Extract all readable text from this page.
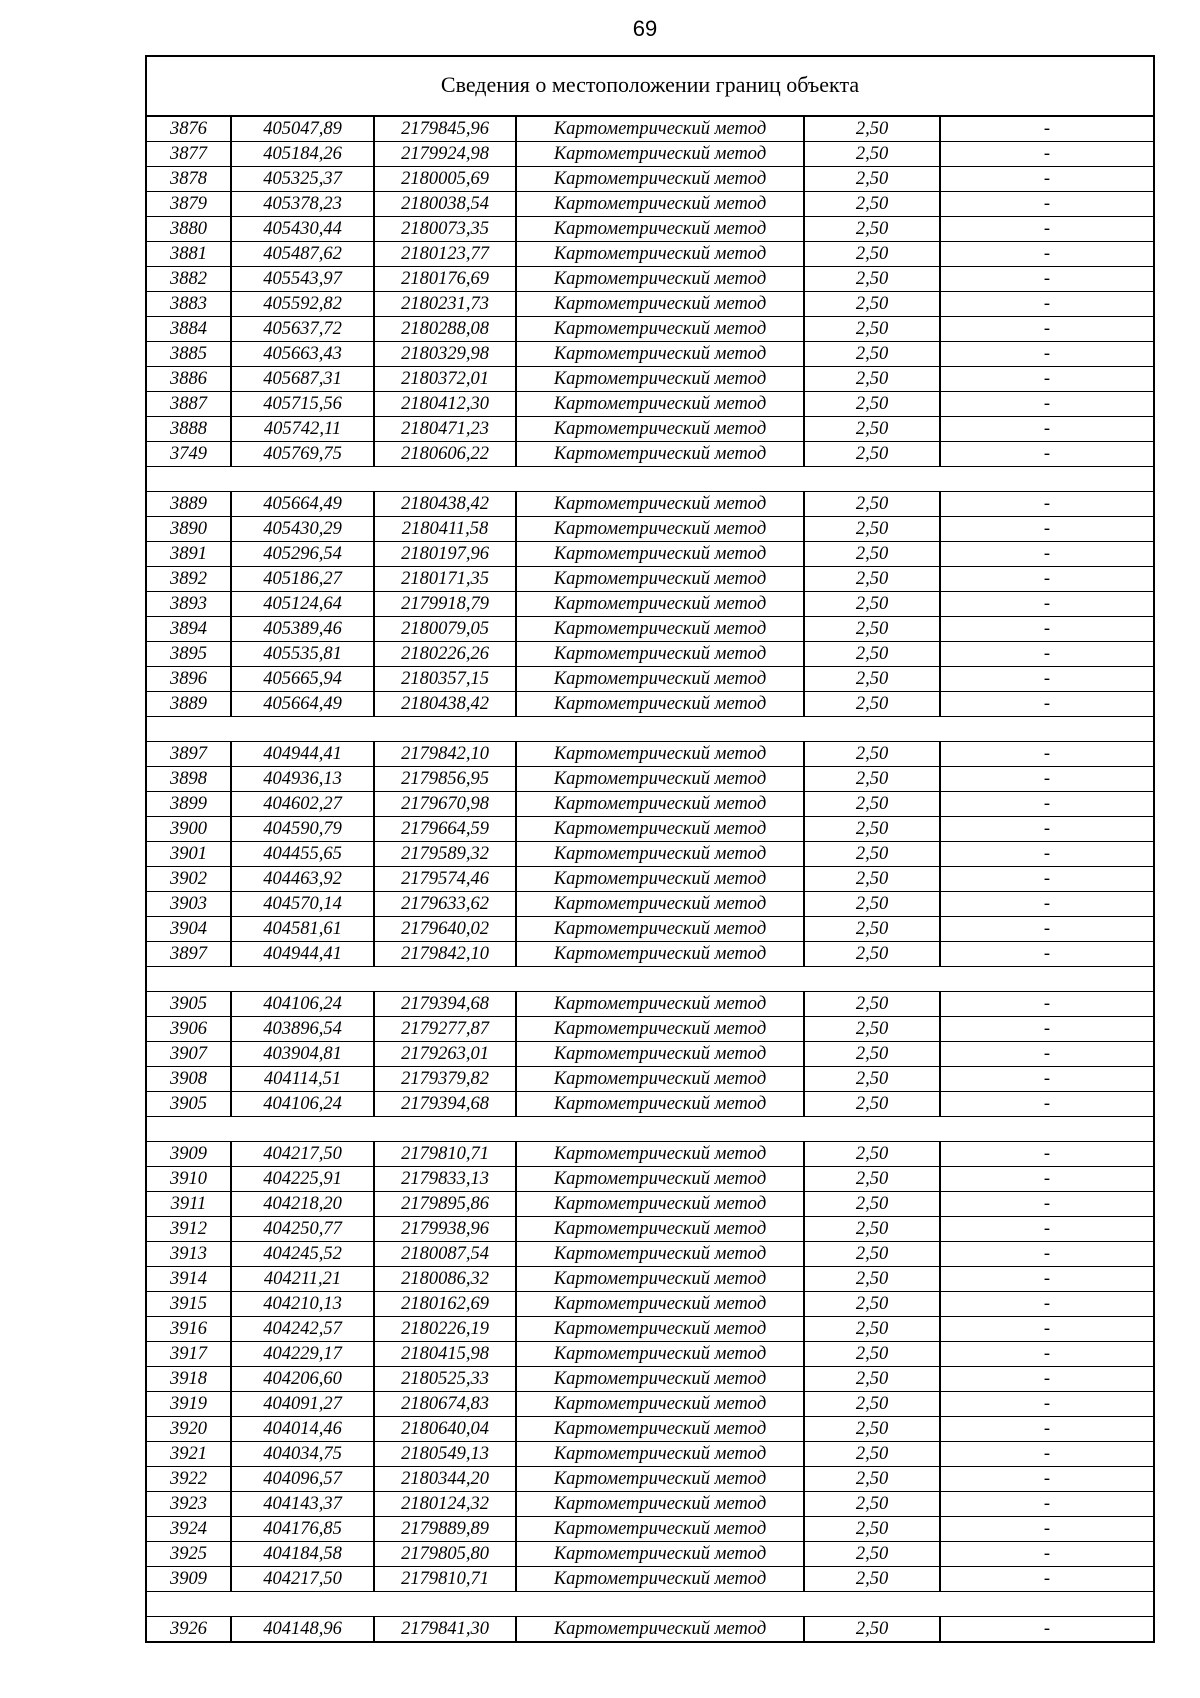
69
Сведения о местоположении границ объекта
3876	405047,89	2179845,96	Картометрический метод	2,50	-
3877	405184,26	2179924,98	Картометрический метод	2,50	-
3878	405325,37	2180005,69	Картометрический метод	2,50	-
3879	405378,23	2180038,54	Картометрический метод	2,50	-
3880	405430,44	2180073,35	Картометрический метод	2,50	-
3881	405487,62	2180123,77	Картометрический метод	2,50	-
3882	405543,97	2180176,69	Картометрический метод	2,50	-
3883	405592,82	2180231,73	Картометрический метод	2,50	-
3884	405637,72	2180288,08	Картометрический метод	2,50	-
3885	405663,43	2180329,98	Картометрический метод	2,50	-
3886	405687,31	2180372,01	Картометрический метод	2,50	-
3887	405715,56	2180412,30	Картометрический метод	2,50	-
3888	405742,11	2180471,23	Картометрический метод	2,50	-
3749	405769,75	2180606,22	Картометрический метод	2,50	-

3889	405664,49	2180438,42	Картометрический метод	2,50	-
3890	405430,29	2180411,58	Картометрический метод	2,50	-
3891	405296,54	2180197,96	Картометрический метод	2,50	-
3892	405186,27	2180171,35	Картометрический метод	2,50	-
3893	405124,64	2179918,79	Картометрический метод	2,50	-
3894	405389,46	2180079,05	Картометрический метод	2,50	-
3895	405535,81	2180226,26	Картометрический метод	2,50	-
3896	405665,94	2180357,15	Картометрический метод	2,50	-
3889	405664,49	2180438,42	Картометрический метод	2,50	-

3897	404944,41	2179842,10	Картометрический метод	2,50	-
3898	404936,13	2179856,95	Картометрический метод	2,50	-
3899	404602,27	2179670,98	Картометрический метод	2,50	-
3900	404590,79	2179664,59	Картометрический метод	2,50	-
3901	404455,65	2179589,32	Картометрический метод	2,50	-
3902	404463,92	2179574,46	Картометрический метод	2,50	-
3903	404570,14	2179633,62	Картометрический метод	2,50	-
3904	404581,61	2179640,02	Картометрический метод	2,50	-
3897	404944,41	2179842,10	Картометрический метод	2,50	-

3905	404106,24	2179394,68	Картометрический метод	2,50	-
3906	403896,54	2179277,87	Картометрический метод	2,50	-
3907	403904,81	2179263,01	Картометрический метод	2,50	-
3908	404114,51	2179379,82	Картометрический метод	2,50	-
3905	404106,24	2179394,68	Картометрический метод	2,50	-

3909	404217,50	2179810,71	Картометрический метод	2,50	-
3910	404225,91	2179833,13	Картометрический метод	2,50	-
3911	404218,20	2179895,86	Картометрический метод	2,50	-
3912	404250,77	2179938,96	Картометрический метод	2,50	-
3913	404245,52	2180087,54	Картометрический метод	2,50	-
3914	404211,21	2180086,32	Картометрический метод	2,50	-
3915	404210,13	2180162,69	Картометрический метод	2,50	-
3916	404242,57	2180226,19	Картометрический метод	2,50	-
3917	404229,17	2180415,98	Картометрический метод	2,50	-
3918	404206,60	2180525,33	Картометрический метод	2,50	-
3919	404091,27	2180674,83	Картометрический метод	2,50	-
3920	404014,46	2180640,04	Картометрический метод	2,50	-
3921	404034,75	2180549,13	Картометрический метод	2,50	-
3922	404096,57	2180344,20	Картометрический метод	2,50	-
3923	404143,37	2180124,32	Картометрический метод	2,50	-
3924	404176,85	2179889,89	Картометрический метод	2,50	-
3925	404184,58	2179805,80	Картометрический метод	2,50	-
3909	404217,50	2179810,71	Картометрический метод	2,50	-

3926	404148,96	2179841,30	Картометрический метод	2,50	-
